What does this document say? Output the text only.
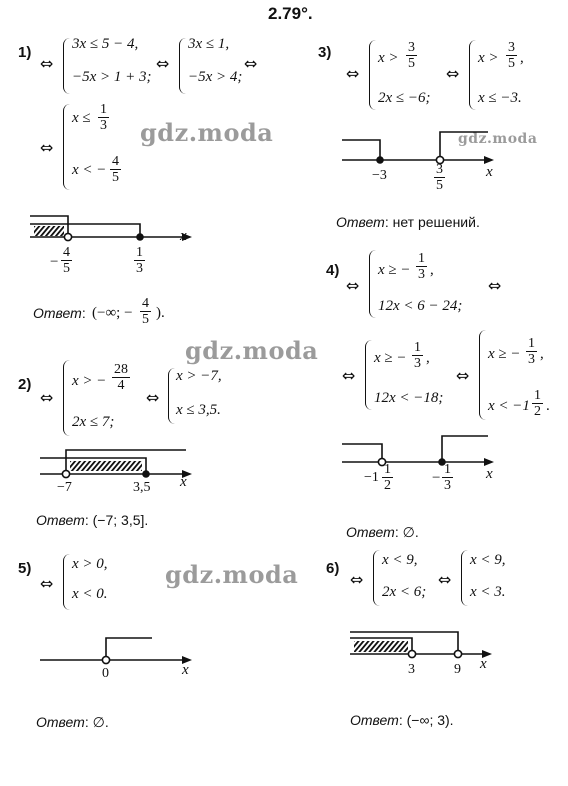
2.79°.
gdz.moda
gdz.moda
gdz.moda
gdz.moda
1)
⇔
3x ≤ 5 − 4,
−5x > 1 + 3;
⇔
3x ≤ 1,
−5x > 4;
⇔
⇔
$x \le \frac{1}{3}$
x < − $\frac{4}{5}$
x
− $\frac{4}{5}$	$\frac{1}{3}$
Ответ: (−∞; − $\frac{4}{5}$ ).
2)
⇔
x > − $\frac{28}{4}$
2x ≤ 7;
⇔
x > −7,
x ≤ 3,5.
x
−7	3,5
Ответ: (−7; 3,5].
3)
⇔
$x > \frac{3}{5}$
2x ≤ −6;
⇔
$x > \frac{3}{5}$ ,
x ≤ −3.
x
−3	$\frac{3}{5}$
Ответ: нет решений.
4)
⇔
x ≥ − $\frac{1}{3}$ ,
12x < 6 − 24;
⇔
⇔
x ≥ − $\frac{1}{3}$ ,
12x < −18;
⇔
x ≥ − $\frac{1}{3}$ ,
$x < -1 \frac{1}{2}$ .
x
$-1 \frac{1}{2}$	− $\frac{1}{3}$
Ответ: ∅.
5)
⇔
x > 0,
x < 0.
x
0
Ответ: ∅.
6)
⇔
x < 9,
2x < 6;
⇔
x < 9,
x < 3.
x
3	9
Ответ: (−∞; 3).
